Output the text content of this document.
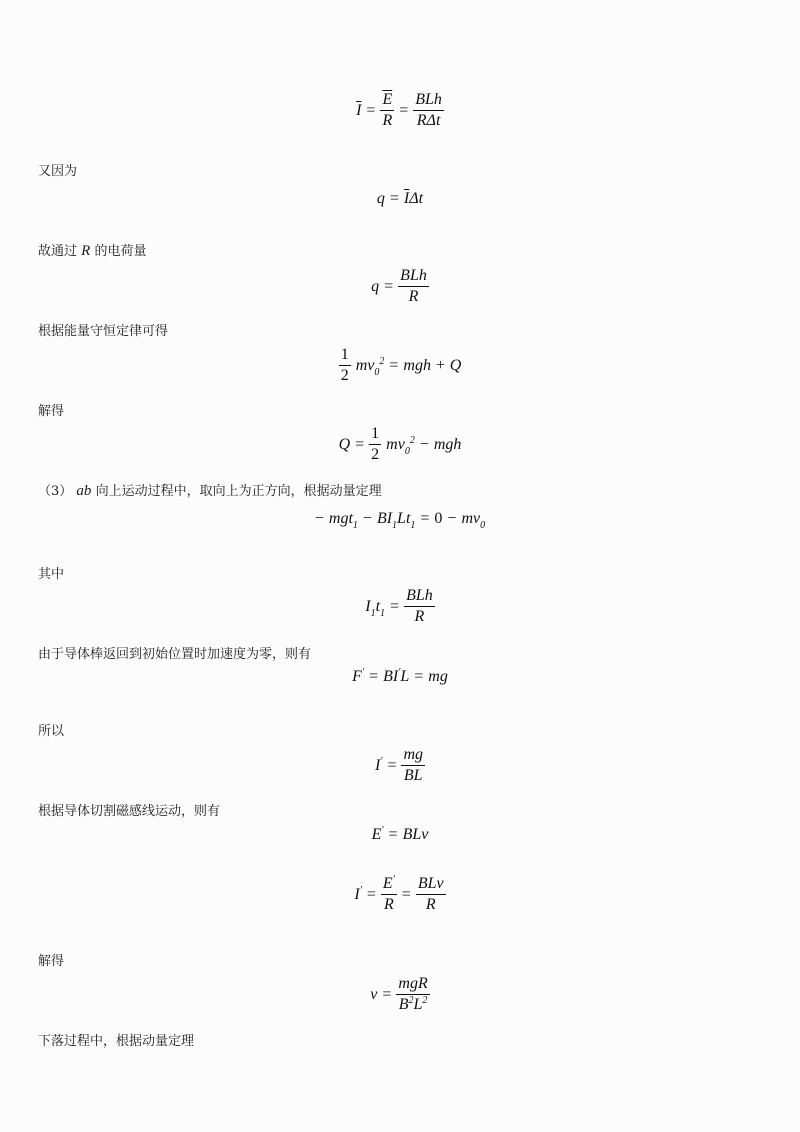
$\overline{I} = \frac{\overline{E}}{R} = \frac{\text{BLh}}{\text{RΔt}}$
又因为
$q = \overline{I}\Delta t$
故通过 R 的电荷量
$q = \frac{\text{BLh}}{R}$
根据能量守恒定律可得
$\frac{1}{2} mv_0^2$ = mgh + Q
解得
$Q = \frac{1}{2} mv_0^2$ − mgh
（3） ab 向上运动过程中，取向上为正方向，根据动量定理
− $mgt_1 - BI_1Lt_1 = 0 - mv_0$
其中
$I_1t_1 = \frac{\text{BLh}}{R}$
由于导体棒返回到初始位置时加速度为零，则有
F' = BI'L = mg
所以
$I' = \frac{mg}{BL}$
根据导体切割磁感线运动，则有
E' = BLv
$I' = \frac{E'}{R} = \frac{\text{BLv}}{R}$
解得
$v = \frac{\text{mgR}}{B^2L^2}$
下落过程中，根据动量定理
